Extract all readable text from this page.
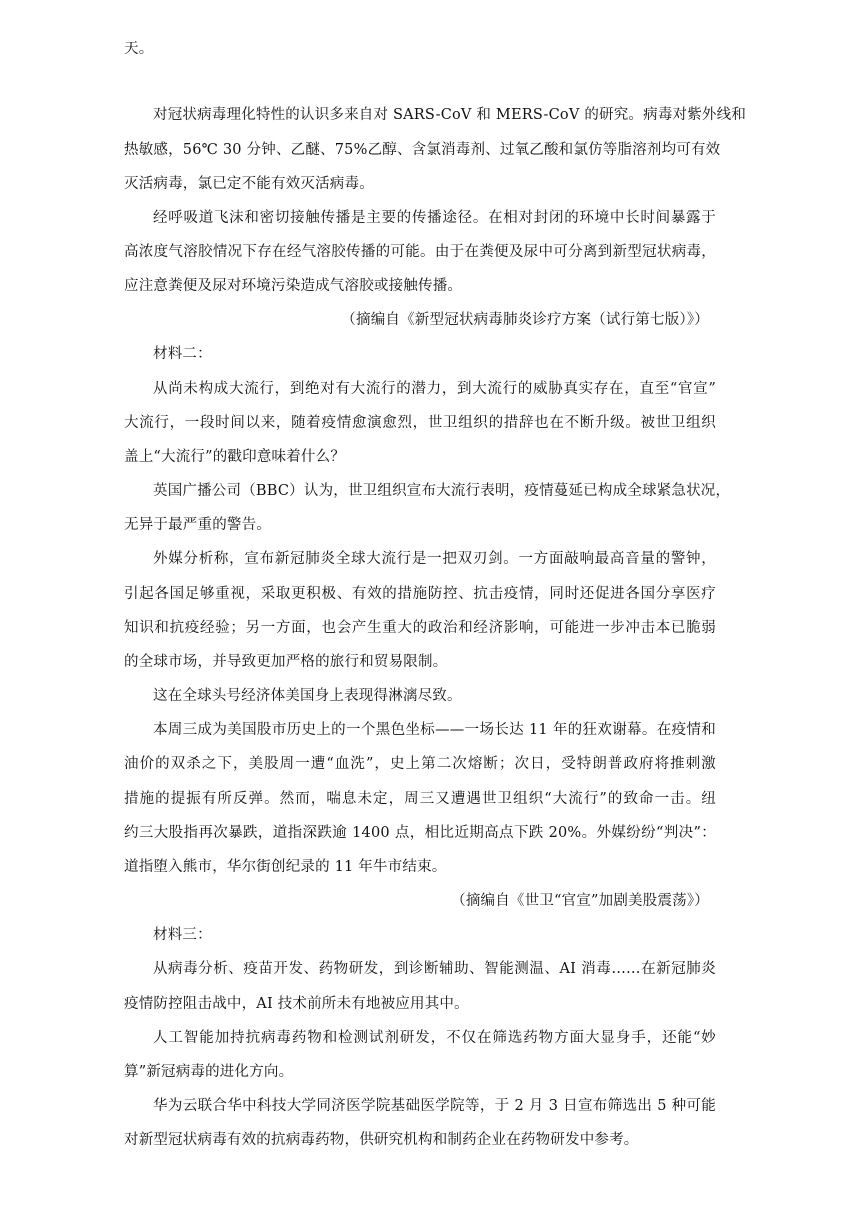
天。
对冠状病毒理化特性的认识多来自对 SARS-CoV 和 MERS-CoV 的研究。病毒对紫外线和
热敏感，56℃ 30 分钟、乙醚、75%乙醇、含氯消毒剂、过氧乙酸和氯仿等脂溶剂均可有效
灭活病毒，氯已定不能有效灭活病毒。
经呼吸道飞沫和密切接触传播是主要的传播途径。在相对封闭的环境中长时间暴露于
高浓度气溶胶情况下存在经气溶胶传播的可能。由于在粪便及尿中可分离到新型冠状病毒，
应注意粪便及尿对环境污染造成气溶胶或接触传播。
（摘编自《新型冠状病毒肺炎诊疗方案（试行第七版）》）
材料二：
从尚未构成大流行，到绝对有大流行的潜力，到大流行的威胁真实存在，直至“官宣”
大流行，一段时间以来，随着疫情愈演愈烈，世卫组织的措辞也在不断升级。被世卫组织
盖上“大流行”的戳印意味着什么？
英国广播公司（BBC）认为，世卫组织宣布大流行表明，疫情蔓延已构成全球紧急状况，
无异于最严重的警告。
外媒分析称，宣布新冠肺炎全球大流行是一把双刃剑。一方面敲响最高音量的警钟，
引起各国足够重视，采取更积极、有效的措施防控、抗击疫情，同时还促进各国分享医疗
知识和抗疫经验；另一方面，也会产生重大的政治和经济影响，可能进一步冲击本已脆弱
的全球市场，并导致更加严格的旅行和贸易限制。
这在全球头号经济体美国身上表现得淋漓尽致。
本周三成为美国股市历史上的一个黑色坐标——一场长达 11 年的狂欢谢幕。在疫情和
油价的双杀之下，美股周一遭“血洗”，史上第二次熔断；次日，受特朗普政府将推刺激
措施的提振有所反弹。然而，喘息未定，周三又遭遇世卫组织“大流行”的致命一击。纽
约三大股指再次暴跌，道指深跌逾 1400 点，相比近期高点下跌 20%。外媒纷纷“判决”：
道指堕入熊市，华尔街创纪录的 11 年牛市结束。
（摘编自《世卫“官宣”加剧美股震荡》）
材料三：
从病毒分析、疫苗开发、药物研发，到诊断辅助、智能测温、AI 消毒……在新冠肺炎
疫情防控阻击战中，AI 技术前所未有地被应用其中。
人工智能加持抗病毒药物和检测试剂研发，不仅在筛选药物方面大显身手，还能“妙
算”新冠病毒的进化方向。
华为云联合华中科技大学同济医学院基础医学院等，于 2 月 3 日宣布筛选出 5 种可能
对新型冠状病毒有效的抗病毒药物，供研究机构和制药企业在药物研发中参考。
